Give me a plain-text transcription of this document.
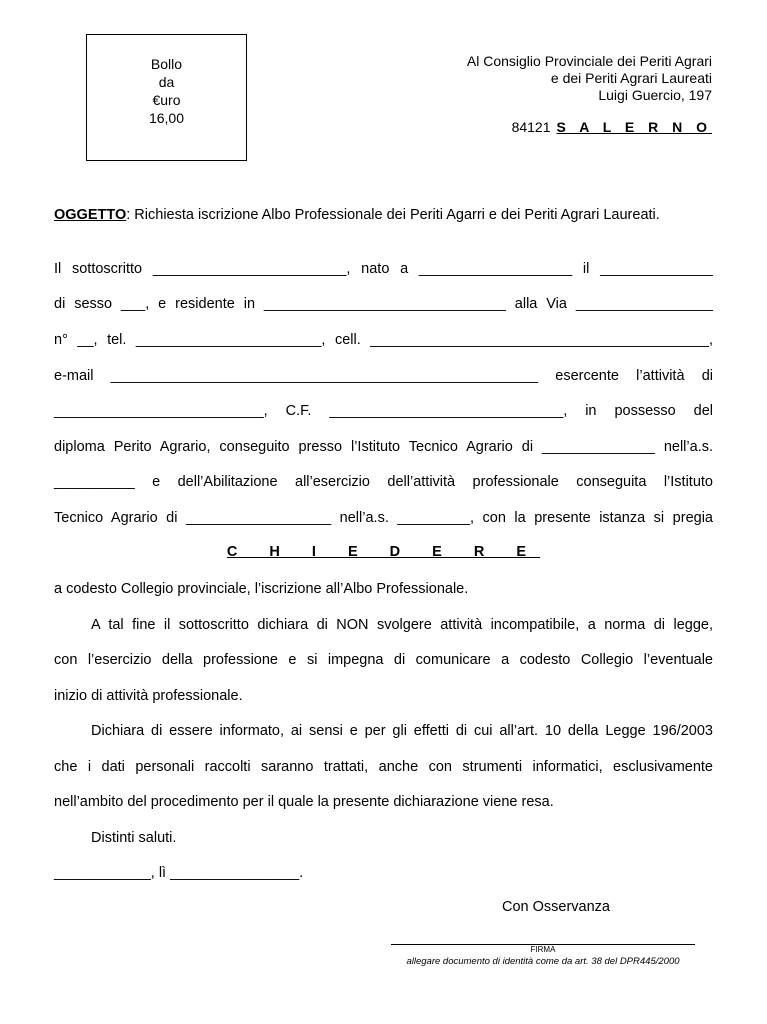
Bollo
da
€uro
16,00
Al Consiglio Provinciale dei Periti Agrari
e dei Periti Agrari Laureati
Luigi Guercio, 197
84121 S A L E R N O
OGGETTO: Richiesta iscrizione Albo Professionale dei Periti Agarri e dei Periti Agrari Laureati.
Il sottoscritto ________________________, nato a ___________________ il ______________
di sesso ___, e residente in ______________________________ alla Via _________________
n° __, tel. _______________________, cell. __________________________________________,
e-mail _____________________________________________________ esercente l’attività di
__________________________, C.F. _____________________________, in possesso del
diploma Perito Agrario, conseguito presso l’Istituto Tecnico Agrario di ______________ nell’a.s.
__________ e dell’Abilitazione all’esercizio dell’attività professionale conseguita l’Istituto
Tecnico Agrario di __________________ nell’a.s. _________, con la presente istanza si pregia
C H I E D E R E
a codesto Collegio provinciale, l’iscrizione all’Albo Professionale.
A tal fine il sottoscritto dichiara di NON svolgere attività incompatibile, a norma di legge,
con l’esercizio della professione e si impegna di comunicare a codesto Collegio l’eventuale
inizio di attività professionale.
Dichiara di essere informato, ai sensi e per gli effetti di cui all’art. 10 della Legge 196/2003
che i dati personali raccolti saranno trattati, anche con strumenti informatici, esclusivamente
nell’ambito del procedimento per il quale la presente dichiarazione viene resa.
Distinti saluti.
____________, lì ________________.
Con Osservanza
FIRMA
allegare documento di identità come da art. 38 del DPR445/2000
